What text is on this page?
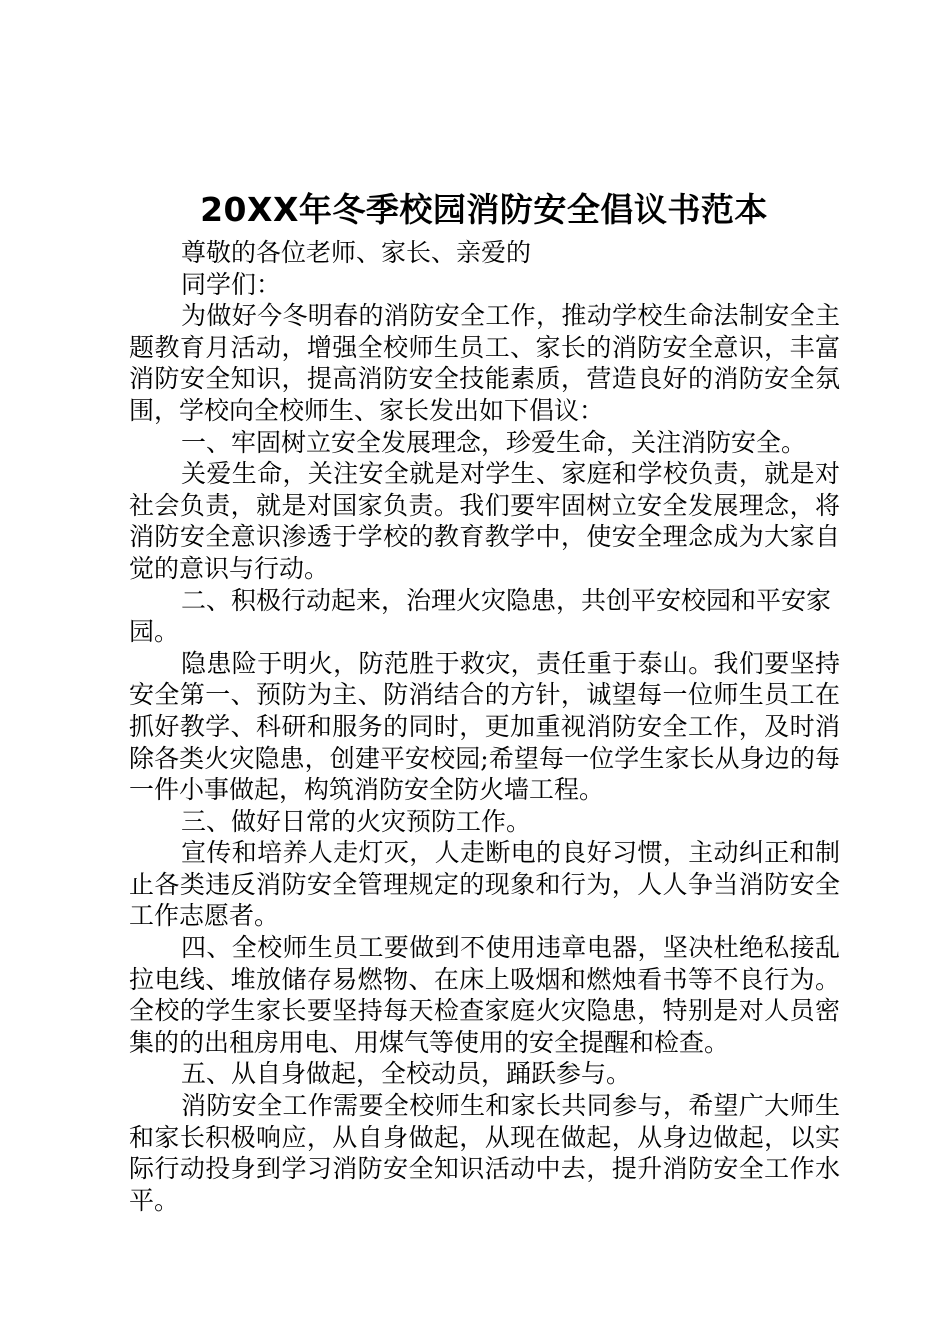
20XX年冬季校园消防安全倡议书范本
尊敬的各位老师、家长、亲爱的
同学们：

为做好今冬明春的消防安全工作，推动学校生命法制安全主题教育月活动，增强全校师生员工、家长的消防安全意识，丰富消防安全知识，提高消防安全技能素质，营造良好的消防安全氛围，学校向全校师生、家长发出如下倡议：

一、牢固树立安全发展理念，珍爱生命，关注消防安全。

关爱生命，关注安全就是对学生、家庭和学校负责，就是对社会负责，就是对国家负责。我们要牢固树立安全发展理念，将消防安全意识渗透于学校的教育教学中，使安全理念成为大家自觉的意识与行动。

二、积极行动起来，治理火灾隐患，共创平安校园和平安家园。

隐患险于明火，防范胜于救灾，责任重于泰山。我们要坚持安全第一、预防为主、防消结合的方针，诚望每一位师生员工在抓好教学、科研和服务的同时，更加重视消防安全工作，及时消除各类火灾隐患，创建平安校园;希望每一位学生家长从身边的每一件小事做起，构筑消防安全防火墙工程。

三、做好日常的火灾预防工作。

宣传和培养人走灯灭，人走断电的良好习惯，主动纠正和制止各类违反消防安全管理规定的现象和行为，人人争当消防安全工作志愿者。

四、全校师生员工要做到不使用违章电器，坚决杜绝私接乱拉电线、堆放储存易燃物、在床上吸烟和燃烛看书等不良行为。全校的学生家长要坚持每天检查家庭火灾隐患，特别是对人员密集的的出租房用电、用煤气等使用的安全提醒和检查。

五、从自身做起，全校动员，踊跃参与。

消防安全工作需要全校师生和家长共同参与，希望广大师生和家长积极响应，从自身做起，从现在做起，从身边做起，以实际行动投身到学习消防安全知识活动中去，提升消防安全工作水平。
